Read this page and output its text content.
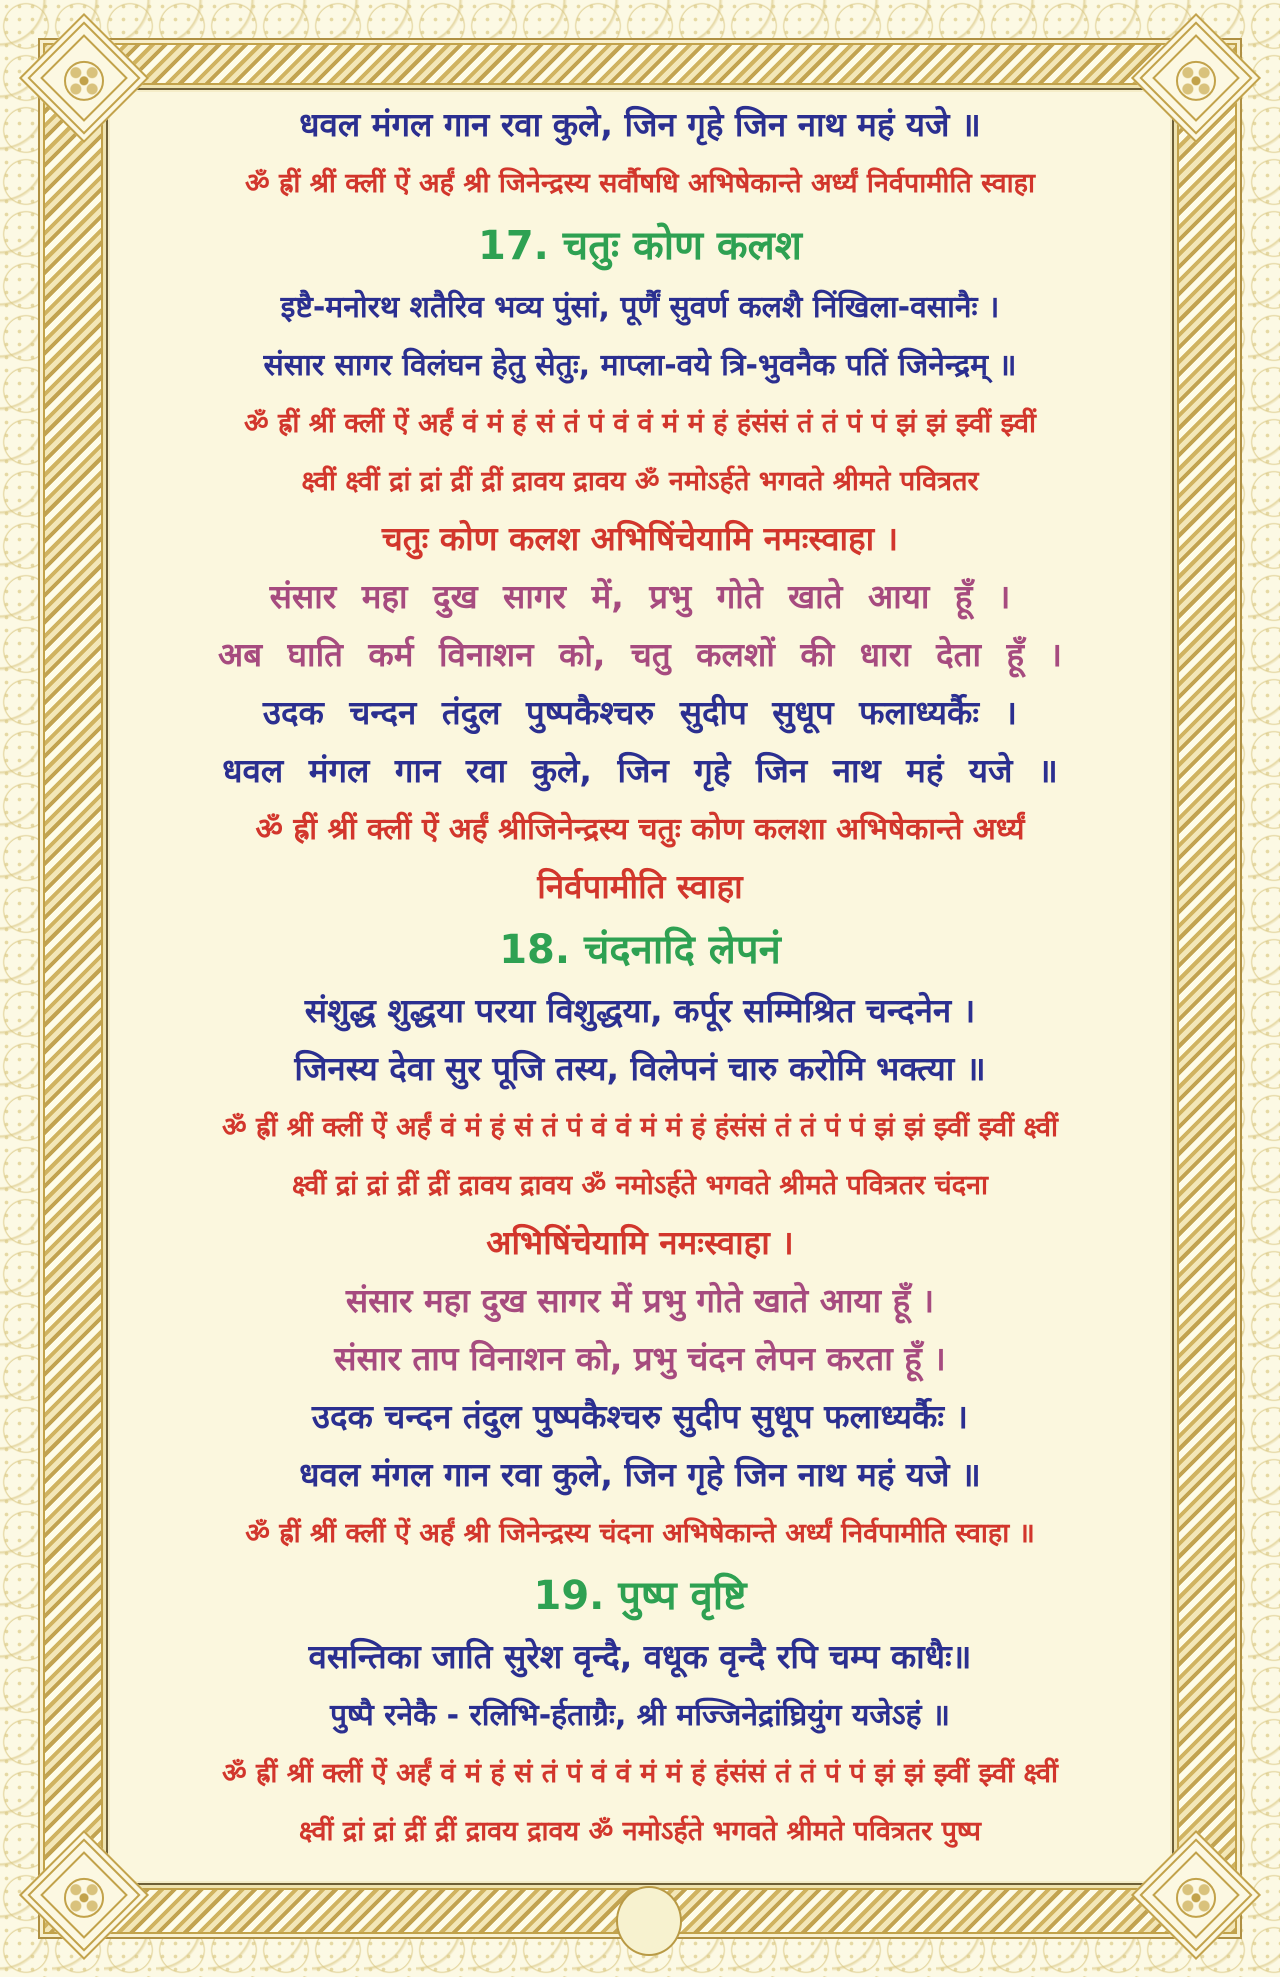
धवल मंगल गान रवा कुले, जिन गृहे जिन नाथ महं यजे ॥
ॐ ह्रीं श्रीं क्लीं ऐं अर्हं श्री जिनेन्द्रस्य सर्वौषधि अभिषेकान्ते अर्ध्यं निर्वपामीति स्वाहा
17. चतुः कोण कलश
इष्टै-मनोरथ शतैरिव भव्य पुंसां, पूर्णैं सुवर्ण कलशै निंखिला-वसानैः ।
संसार सागर विलंघन हेतु सेतुः, माप्ला-वये त्रि-भुवनैक पतिं जिनेन्द्रम् ॥
ॐ ह्रीं श्रीं क्लीं ऐं अर्हं वं मं हं सं तं पं वं वं मं मं हं हंसंसं तं तं पं पं झं झं झ्वीं झ्वीं
क्ष्वीं क्ष्वीं द्रां द्रां द्रीं द्रीं द्रावय द्रावय ॐ नमोऽर्हते भगवते श्रीमते पवित्रतर
चतुः कोण कलश अभिषिंचेयामि नमःस्वाहा ।
संसार महा दुख सागर में, प्रभु गोते खाते आया हूँ ।
अब घाति कर्म विनाशन को, चतु कलशों की धारा देता हूँ ।
उदक चन्दन तंदुल पुष्पकैश्चरु सुदीप सुधूप फलाध्यर्कैः ।
धवल मंगल गान रवा कुले, जिन गृहे जिन नाथ महं यजे ॥
ॐ ह्रीं श्रीं क्लीं ऐं अर्हं श्रीजिनेन्द्रस्य चतुः कोण कलशा अभिषेकान्ते अर्ध्यं
निर्वपामीति स्वाहा
18. चंदनादि लेपनं
संशुद्ध शुद्धया परया विशुद्धया, कर्पूर सम्मिश्रित चन्दनेन ।
जिनस्य देवा सुर पूजि तस्य, विलेपनं चारु करोमि भक्त्या ॥
ॐ ह्रीं श्रीं क्लीं ऐं अर्हं वं मं हं सं तं पं वं वं मं मं हं हंसंसं तं तं पं पं झं झं झ्वीं झ्वीं क्ष्वीं
क्ष्वीं द्रां द्रां द्रीं द्रीं द्रावय द्रावय ॐ नमोऽर्हते भगवते श्रीमते पवित्रतर चंदना
अभिषिंचेयामि नमःस्वाहा ।
संसार महा दुख सागर में प्रभु गोते खाते आया हूँ ।
संसार ताप विनाशन को, प्रभु चंदन लेपन करता हूँ ।
उदक चन्दन तंदुल पुष्पकैश्चरु सुदीप सुधूप फलाध्यर्कैः ।
धवल मंगल गान रवा कुले, जिन गृहे जिन नाथ महं यजे ॥
ॐ ह्रीं श्रीं क्लीं ऐं अर्हं श्री जिनेन्द्रस्य चंदना अभिषेकान्ते अर्ध्यं निर्वपामीति स्वाहा ॥
19. पुष्प वृष्टि
वसन्तिका जाति सुरेश वृन्दै, वधूक वृन्दै रपि चम्प काधैः॥
पुष्पै रनेकै - रलिभि-र्हताग्रैः, श्री मज्जिनेद्रांघ्रियुंग यजेऽहं ॥
ॐ ह्रीं श्रीं क्लीं ऐं अर्हं वं मं हं सं तं पं वं वं मं मं हं हंसंसं तं तं पं पं झं झं झ्वीं झ्वीं क्ष्वीं
क्ष्वीं द्रां द्रां द्रीं द्रीं द्रावय द्रावय ॐ नमोऽर्हते भगवते श्रीमते पवित्रतर पुष्प
